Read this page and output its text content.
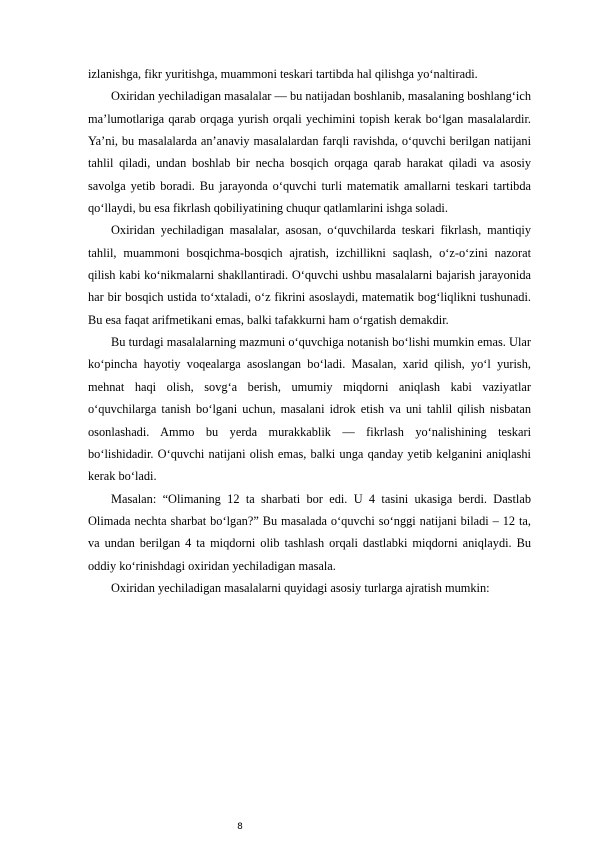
izlanishga, fikr yuritishga, muammoni teskari tartibda hal qilishga yo‘naltiradi.

Oxiridan yechiladigan masalalar — bu natijadan boshlanib, masalaning boshlang‘ich ma’lumotlariga qarab orqaga yurish orqali yechimini topish kerak bo‘lgan masalalardir. Ya’ni, bu masalalarda an’anaviy masalalardan farqli ravishda, o‘quvchi berilgan natijani tahlil qiladi, undan boshlab bir necha bosqich orqaga qarab harakat qiladi va asosiy savolga yetib boradi. Bu jarayonda o‘quvchi turli matematik amallarni teskari tartibda qo‘llaydi, bu esa fikrlash qobiliyatining chuqur qatlamlarini ishga soladi.

Oxiridan yechiladigan masalalar, asosan, o‘quvchilarda teskari fikrlash, mantiqiy tahlil, muammoni bosqichma-bosqich ajratish, izchillikni saqlash, o‘z-o‘zini nazorat qilish kabi ko‘nikmalarni shakllantiradi. O‘quvchi ushbu masalalarni bajarish jarayonida har bir bosqich ustida to‘xtaladi, o‘z fikrini asoslaydi, matematik bog‘liqlikni tushunadi. Bu esa faqat arifmetikani emas, balki tafakkurni ham o‘rgatish demakdir.

Bu turdagi masalalarning mazmuni o‘quvchiga notanish bo‘lishi mumkin emas. Ular ko‘pincha hayotiy voqealarga asoslangan bo‘ladi. Masalan, xarid qilish, yo‘l yurish, mehnat haqi olish, sovg‘a berish, umumiy miqdorni aniqlash kabi vaziyatlar o‘quvchilarga tanish bo‘lgani uchun, masalani idrok etish va uni tahlil qilish nisbatan osonlashadi. Ammo bu yerda murakkablik — fikrlash yo‘nalishining teskari bo‘lishidadir. O‘quvchi natijani olish emas, balki unga qanday yetib kelganini aniqlashi kerak bo‘ladi.

Masalan: “Olimaning 12 ta sharbati bor edi. U 4 tasini ukasiga berdi. Dastlab Olimada nechta sharbat bo‘lgan?” Bu masalada o‘quvchi so‘nggi natijani biladi – 12 ta, va undan berilgan 4 ta miqdorni olib tashlash orqali dastlabki miqdorni aniqlaydi. Bu oddiy ko‘rinishdagi oxiridan yechiladigan masala.

Oxiridan yechiladigan masalalarni quyidagi asosiy turlarga ajratish mumkin:

8
